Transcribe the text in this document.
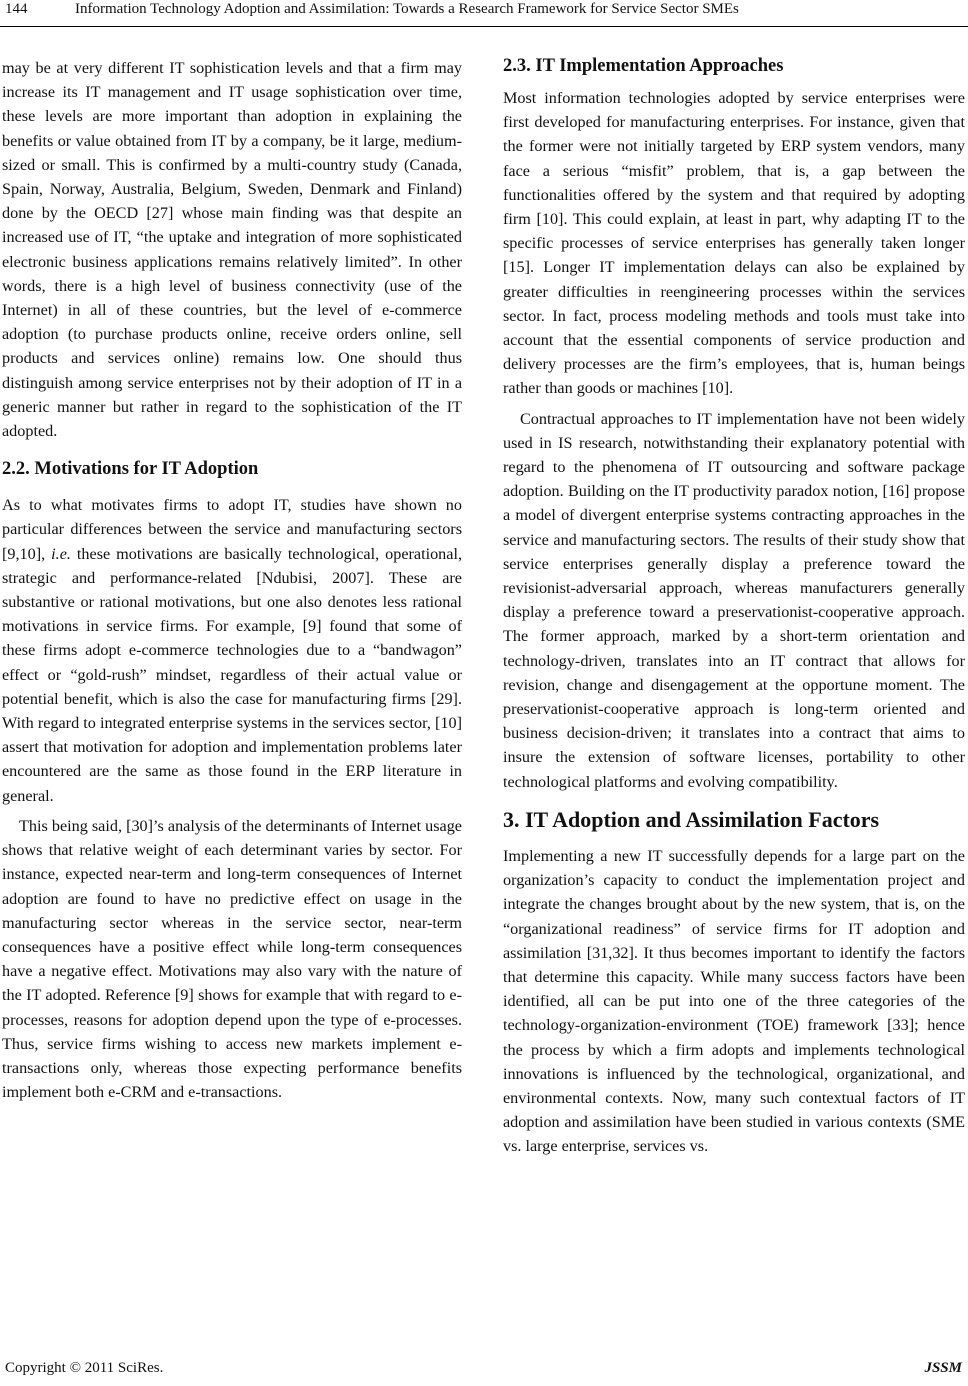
144	Information Technology Adoption and Assimilation: Towards a Research Framework for Service Sector SMEs

may be at very different IT sophistication levels and that a firm may increase its IT management and IT usage sophistication over time, these levels are more important than adoption in explaining the benefits or value obtained from IT by a company, be it large, medium-sized or small. This is confirmed by a multi-country study (Canada, Spain, Norway, Australia, Belgium, Sweden, Denmark and Finland) done by the OECD [27] whose main finding was that despite an increased use of IT, “the uptake and integration of more sophisticated electronic business applications remains relatively limited”. In other words, there is a high level of business connectivity (use of the Internet) in all of these countries, but the level of e-commerce adoption (to purchase products online, receive orders online, sell products and services online) remains low. One should thus distinguish among service enterprises not by their adoption of IT in a generic manner but rather in regard to the sophistication of the IT adopted.

2.2. Motivations for IT Adoption

As to what motivates firms to adopt IT, studies have shown no particular differences between the service and manufacturing sectors [9,10], i.e. these motivations are basically technological, operational, strategic and performance-related [Ndubisi, 2007]. These are substantive or rational motivations, but one also denotes less rational motivations in service firms. For example, [9] found that some of these firms adopt e-commerce technologies due to a “bandwagon” effect or “gold-rush” mindset, regardless of their actual value or potential benefit, which is also the case for manufacturing firms [29]. With regard to integrated enterprise systems in the services sector, [10] assert that motivation for adoption and implementation problems later encountered are the same as those found in the ERP literature in general.

This being said, [30]’s analysis of the determinants of Internet usage shows that relative weight of each determinant varies by sector. For instance, expected near-term and long-term consequences of Internet adoption are found to have no predictive effect on usage in the manufacturing sector whereas in the service sector, near-term consequences have a positive effect while long-term consequences have a negative effect. Motivations may also vary with the nature of the IT adopted. Reference [9] shows for example that with regard to e-processes, reasons for adoption depend upon the type of e-processes. Thus, service firms wishing to access new markets implement e-transactions only, whereas those expecting performance benefits implement both e-CRM and e-transactions.

2.3. IT Implementation Approaches

Most information technologies adopted by service enterprises were first developed for manufacturing enterprises. For instance, given that the former were not initially targeted by ERP system vendors, many face a serious “misfit” problem, that is, a gap between the functionalities offered by the system and that required by adopting firm [10]. This could explain, at least in part, why adapting IT to the specific processes of service enterprises has generally taken longer [15]. Longer IT implementation delays can also be explained by greater difficulties in reengineering processes within the services sector. In fact, process modeling methods and tools must take into account that the essential components of service production and delivery processes are the firm’s employees, that is, human beings rather than goods or machines [10].

Contractual approaches to IT implementation have not been widely used in IS research, notwithstanding their explanatory potential with regard to the phenomena of IT outsourcing and software package adoption. Building on the IT productivity paradox notion, [16] propose a model of divergent enterprise systems contracting approaches in the service and manufacturing sectors. The results of their study show that service enterprises generally display a preference toward the revisionist-adversarial approach, whereas manufacturers generally display a preference toward a preservationist-cooperative approach. The former approach, marked by a short-term orientation and technology-driven, translates into an IT contract that allows for revision, change and disengagement at the opportune moment. The preservationist-cooperative approach is long-term oriented and business decision-driven; it translates into a contract that aims to insure the extension of software licenses, portability to other technological platforms and evolving compatibility.

3. IT Adoption and Assimilation Factors

Implementing a new IT successfully depends for a large part on the organization’s capacity to conduct the implementation project and integrate the changes brought about by the new system, that is, on the “organizational readiness” of service firms for IT adoption and assimilation [31,32]. It thus becomes important to identify the factors that determine this capacity. While many success factors have been identified, all can be put into one of the three categories of the technology-organization-environment (TOE) framework [33]; hence the process by which a firm adopts and implements technological innovations is influenced by the technological, organizational, and environmental contexts. Now, many such contextual factors of IT adoption and assimilation have been studied in various contexts (SME vs. large enterprise, services vs.

Copyright © 2011 SciRes.	JSSM
